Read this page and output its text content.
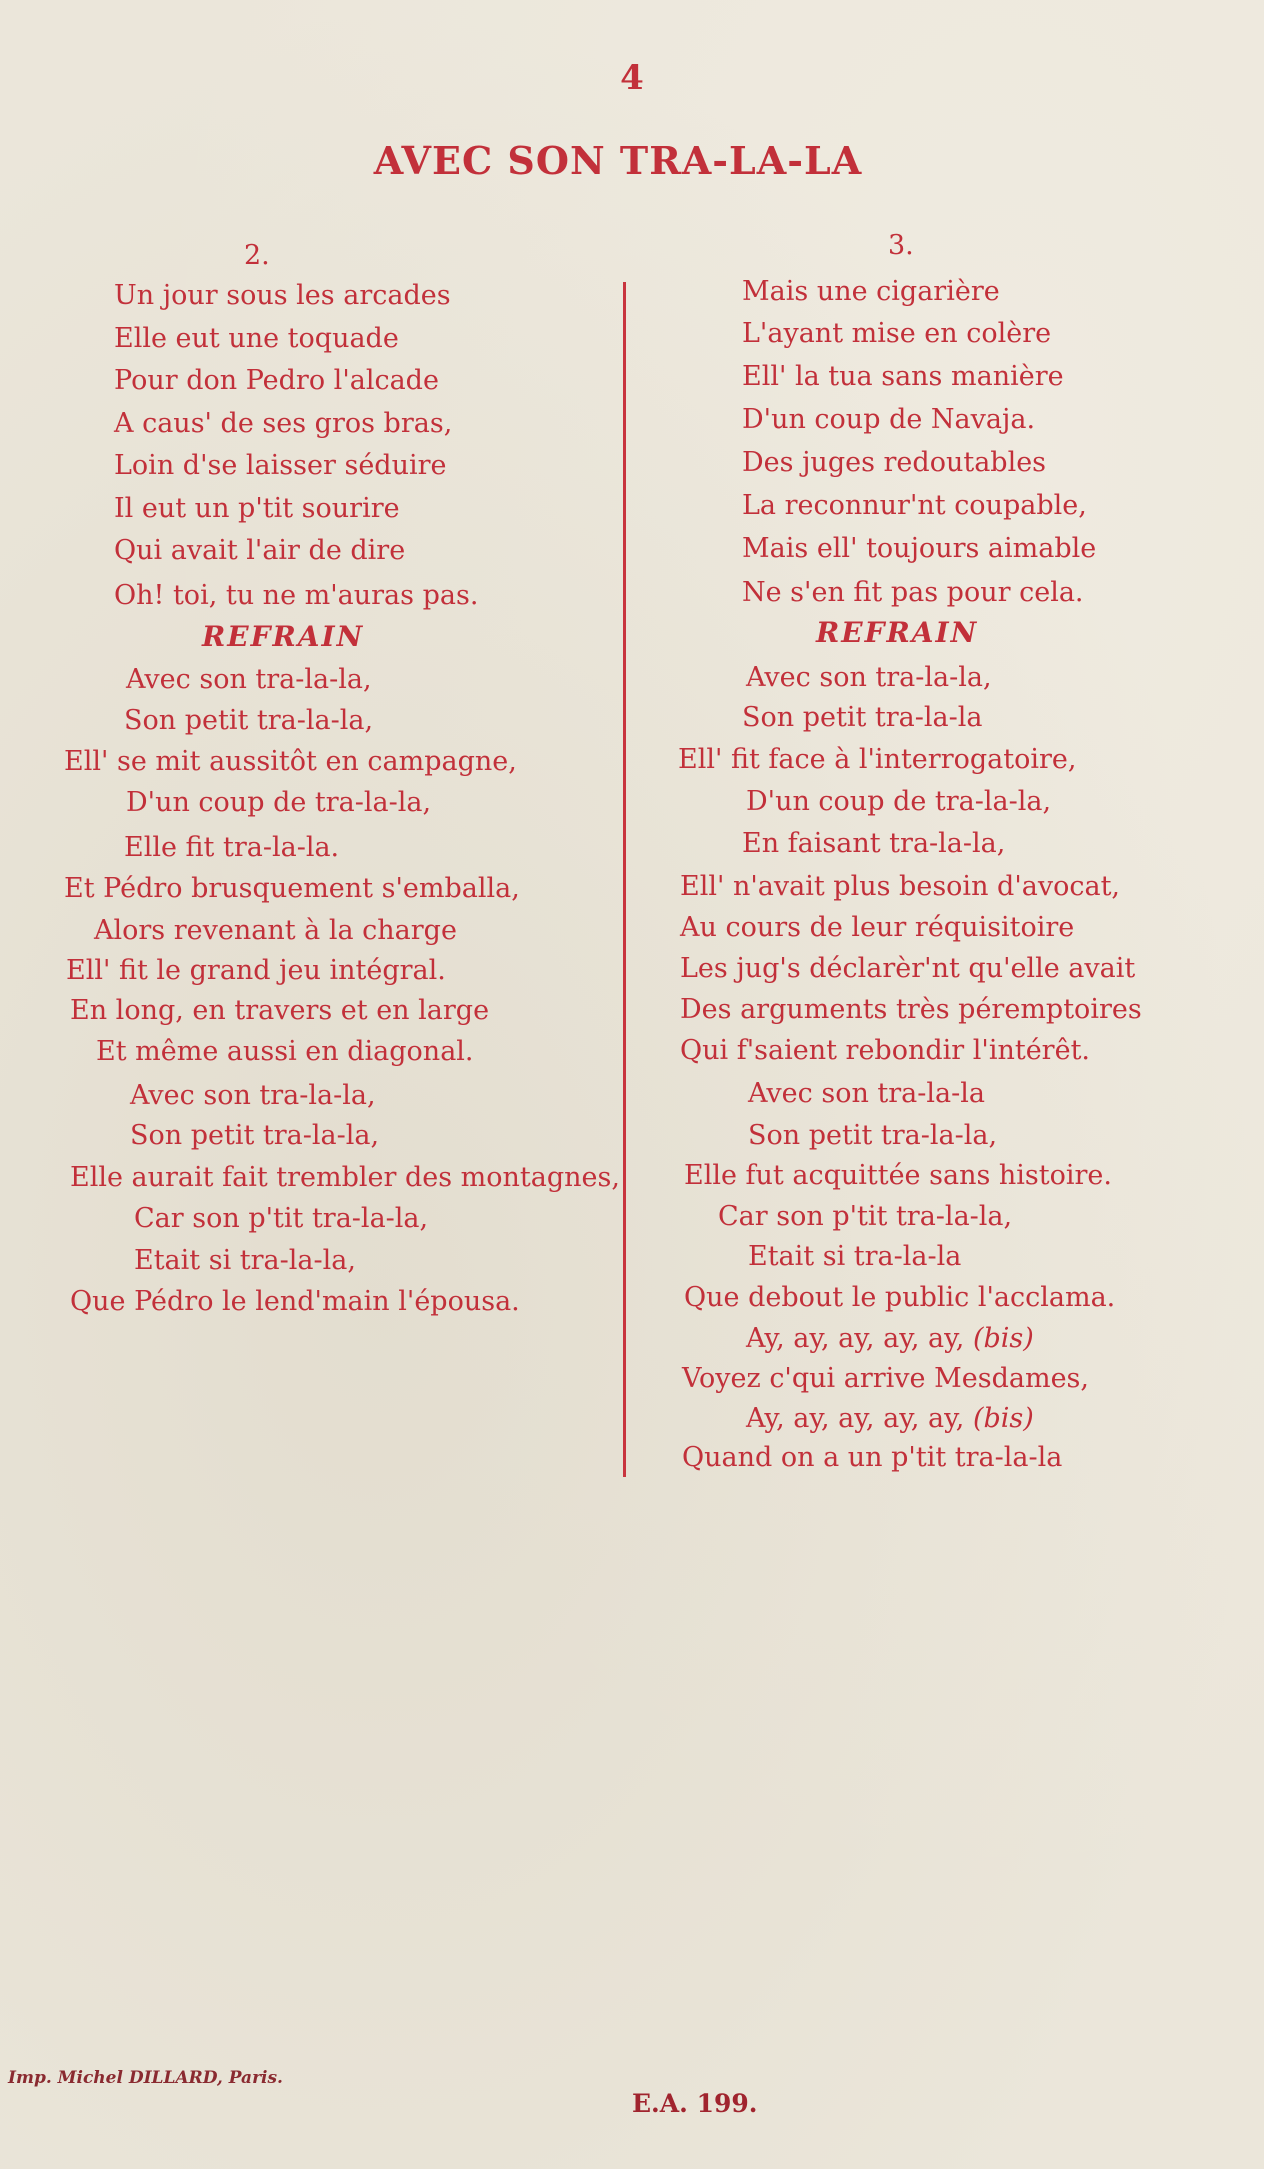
4
AVEC SON TRA-LA-LA
2.
Un jour sous les arcades
Elle eut une toquade
Pour don Pedro l'alcade
A caus' de ses gros bras,
Loin d'se laisser séduire
Il eut un p'tit sourire
Qui avait l'air de dire
Oh! toi, tu ne m'auras pas.
REFRAIN
Avec son tra-la-la,
Son petit tra-la-la,
Ell' se mit aussitôt en campagne,
D'un coup de tra-la-la,
Elle fit tra-la-la.
Et Pédro brusquement s'emballa,
Alors revenant à la charge
Ell' fit le grand jeu intégral.
En long, en travers et en large
Et même aussi en diagonal.
Avec son tra-la-la,
Son petit tra-la-la,
Elle aurait fait trembler des montagnes,
Car son p'tit tra-la-la,
Etait si tra-la-la,
Que Pédro le lend'main l'épousa.
3.
Mais une cigarière
L'ayant mise en colère
Ell' la tua sans manière
D'un coup de Navaja.
Des juges redoutables
La reconnur'nt coupable,
Mais ell' toujours aimable
Ne s'en fit pas pour cela.
REFRAIN
Avec son tra-la-la,
Son petit tra-la-la
Ell' fit face à l'interrogatoire,
D'un coup de tra-la-la,
En faisant tra-la-la,
Ell' n'avait plus besoin d'avocat,
Au cours de leur réquisitoire
Les jug's déclarèr'nt qu'elle avait
Des arguments très péremptoires
Qui f'saient rebondir l'intérêt.
Avec son tra-la-la
Son petit tra-la-la,
Elle fut acquittée sans histoire.
Car son p'tit tra-la-la,
Etait si tra-la-la
Que debout le public l'acclama.
Ay, ay, ay, ay, ay, (bis)
Voyez c'qui arrive Mesdames,
Ay, ay, ay, ay, ay, (bis)
Quand on a un p'tit tra-la-la
Imp. Michel DILLARD, Paris.
E.A. 199.
